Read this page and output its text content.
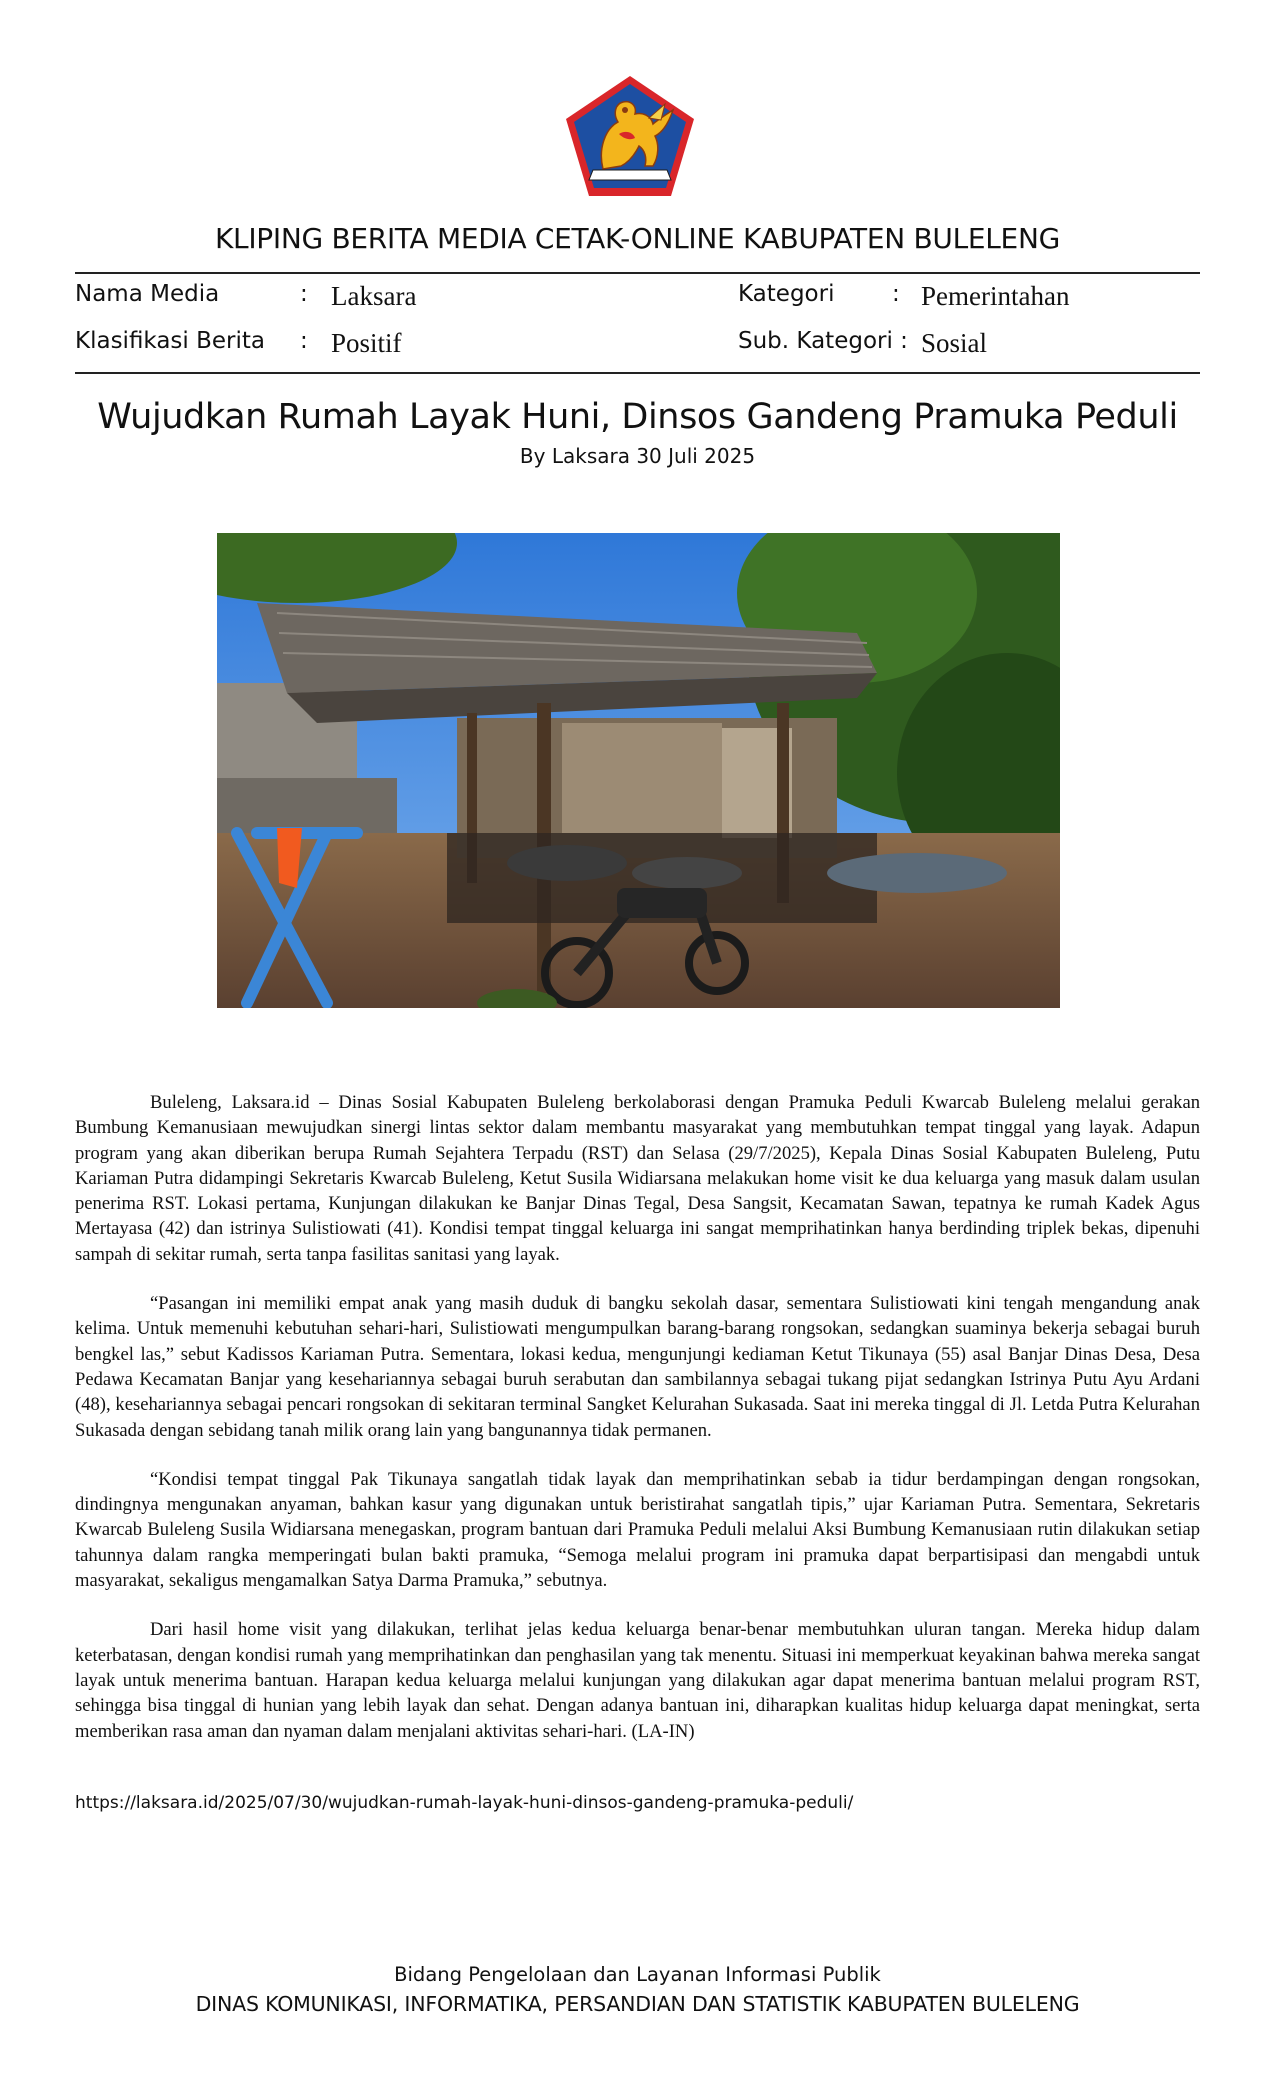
KLIPING BERITA MEDIA CETAK-ONLINE KABUPATEN BULELENG
Nama Media	: Laksara
Klasifikasi Berita : Positif
Kategori	: Pemerintahan
Sub. Kategori : Sosial
Wujudkan Rumah Layak Huni, Dinsos Gandeng Pramuka Peduli
By Laksara 30 Juli 2025

Buleleng, Laksara.id – Dinas Sosial Kabupaten Buleleng berkolaborasi dengan Pramuka Peduli Kwarcab Buleleng melalui gerakan Bumbung Kemanusiaan mewujudkan sinergi lintas sektor dalam membantu masyarakat yang membutuhkan tempat tinggal yang layak. Adapun program yang akan diberikan berupa Rumah Sejahtera Terpadu (RST) dan Selasa (29/7/2025), Kepala Dinas Sosial Kabupaten Buleleng, Putu Kariaman Putra didampingi Sekretaris Kwarcab Buleleng, Ketut Susila Widiarsana melakukan home visit ke dua keluarga yang masuk dalam usulan penerima RST. Lokasi pertama, Kunjungan dilakukan ke Banjar Dinas Tegal, Desa Sangsit, Kecamatan Sawan, tepatnya ke rumah Kadek Agus Mertayasa (42) dan istrinya Sulistiowati (41). Kondisi tempat tinggal keluarga ini sangat memprihatinkan hanya berdinding triplek bekas, dipenuhi sampah di sekitar rumah, serta tanpa fasilitas sanitasi yang layak.

“Pasangan ini memiliki empat anak yang masih duduk di bangku sekolah dasar, sementara Sulistiowati kini tengah mengandung anak kelima. Untuk memenuhi kebutuhan sehari-hari, Sulistiowati mengumpulkan barang-barang rongsokan, sedangkan suaminya bekerja sebagai buruh bengkel las,” sebut Kadissos Kariaman Putra. Sementara, lokasi kedua, mengunjungi kediaman Ketut Tikunaya (55) asal Banjar Dinas Desa, Desa Pedawa Kecamatan Banjar yang kesehariannya sebagai buruh serabutan dan sambilannya sebagai tukang pijat sedangkan Istrinya Putu Ayu Ardani (48), kesehariannya sebagai pencari rongsokan di sekitaran terminal Sangket Kelurahan Sukasada. Saat ini mereka tinggal di Jl. Letda Putra Kelurahan Sukasada dengan sebidang tanah milik orang lain yang bangunannya tidak permanen.

“Kondisi tempat tinggal Pak Tikunaya sangatlah tidak layak dan memprihatinkan sebab ia tidur berdampingan dengan rongsokan, dindingnya mengunakan anyaman, bahkan kasur yang digunakan untuk beristirahat sangatlah tipis,” ujar Kariaman Putra. Sementara, Sekretaris Kwarcab Buleleng Susila Widiarsana menegaskan, program bantuan dari Pramuka Peduli melalui Aksi Bumbung Kemanusiaan rutin dilakukan setiap tahunnya dalam rangka memperingati bulan bakti pramuka, “Semoga melalui program ini pramuka dapat berpartisipasi dan mengabdi untuk masyarakat, sekaligus mengamalkan Satya Darma Pramuka,” sebutnya.

Dari hasil home visit yang dilakukan, terlihat jelas kedua keluarga benar-benar membutuhkan uluran tangan. Mereka hidup dalam keterbatasan, dengan kondisi rumah yang memprihatinkan dan penghasilan yang tak menentu. Situasi ini memperkuat keyakinan bahwa mereka sangat layak untuk menerima bantuan. Harapan kedua keluarga melalui kunjungan yang dilakukan agar dapat menerima bantuan melalui program RST, sehingga bisa tinggal di hunian yang lebih layak dan sehat. Dengan adanya bantuan ini, diharapkan kualitas hidup keluarga dapat meningkat, serta memberikan rasa aman dan nyaman dalam menjalani aktivitas sehari-hari. (LA-IN)

https://laksara.id/2025/07/30/wujudkan-rumah-layak-huni-dinsos-gandeng-pramuka-peduli/
Bidang Pengelolaan dan Layanan Informasi Publik
DINAS KOMUNIKASI, INFORMATIKA, PERSANDIAN DAN STATISTIK KABUPATEN BULELENG
